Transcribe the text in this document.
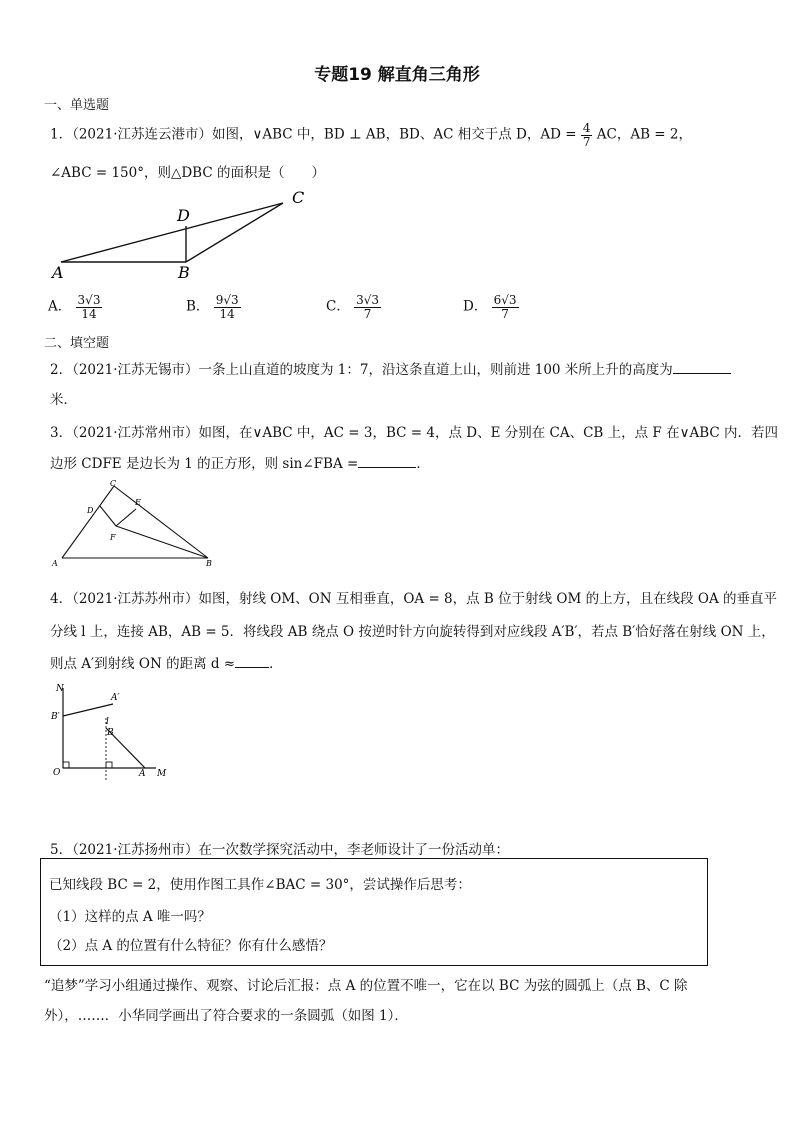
专题19 解直角三角形
一、单选题
1．（2021·江苏连云港市）如图，∨ABC 中，BD ⊥ AB，BD、AC 相交于点 D，AD = $\frac{4}{7}$ AC，AB = 2，
∠ABC = 150°，则△DBC 的面积是（　　）
A	B
C
D
A． $\frac{3√3}{14}$	B． $\frac{9√3}{14}$	C． $\frac{3√3}{7}$	D． $\frac{6√3}{7}$
二、填空题
2．（2021·江苏无锡市）一条上山直道的坡度为 1：7，沿这条直道上山，则前进 100 米所上升的高度为
米．
3．（2021·江苏常州市）如图，在∨ABC 中，AC = 3，BC = 4，点 D、E 分别在 CA、CB 上，点 F 在∨ABC 内．若四
边形 CDFE 是边长为 1 的正方形，则 sin∠FBA =	．
C
D
E
F
A	B
4．（2021·江苏苏州市）如图，射线 OM、ON 互相垂直，OA = 8，点 B 位于射线 OM 的上方，且在线段 OA 的垂直平
分线 l 上，连接 AB，AB = 5．将线段 AB 绕点 O 按逆时针方向旋转得到对应线段 A′B′，若点 B′恰好落在射线 ON 上，
则点 A′到射线 ON 的距离 d ≈	．
N
O	A M
B
A′
B′	l
5．（2021·江苏扬州市）在一次数学探究活动中，李老师设计了一份活动单：
已知线段 BC = 2，使用作图工具作∠BAC = 30°，尝试操作后思考：
（1）这样的点 A 唯一吗？
（2）点 A 的位置有什么特征？你有什么感悟？
“追梦”学习小组通过操作、观察、讨论后汇报：点 A 的位置不唯一，它在以 BC 为弦的圆弧上（点 B、C 除
外），……．小华同学画出了符合要求的一条圆弧（如图 1）．
